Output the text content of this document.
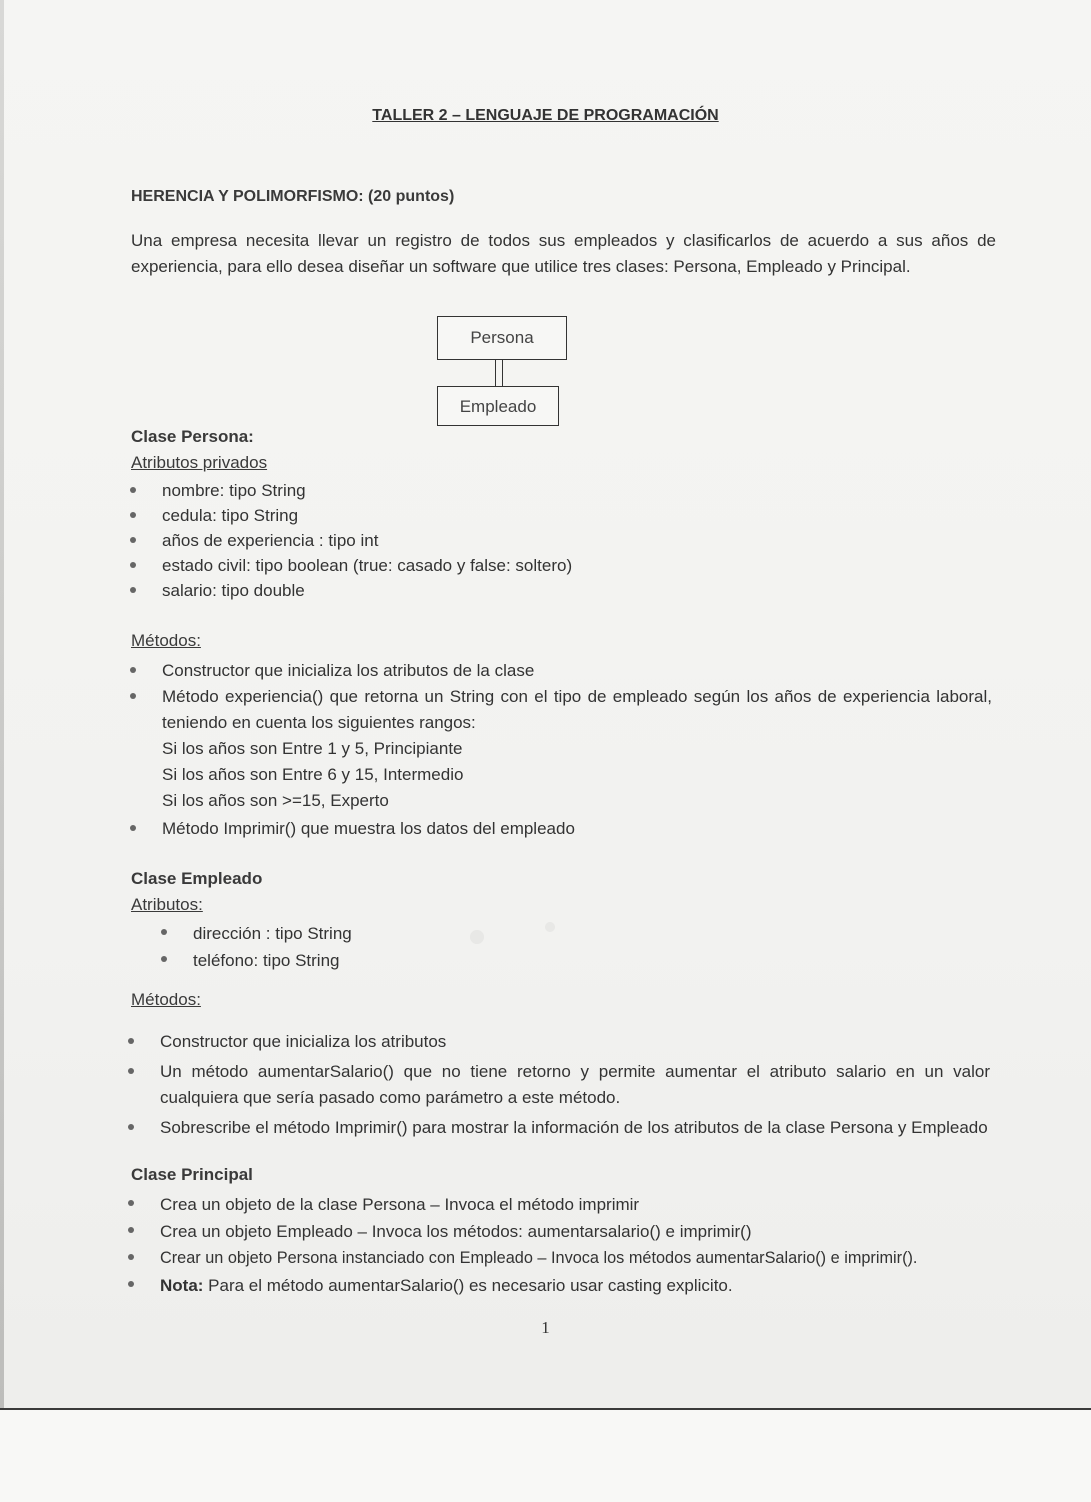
TALLER 2 – LENGUAJE DE PROGRAMACIÓN
HERENCIA Y POLIMORFISMO: (20 puntos)
Una empresa necesita llevar un registro de todos sus empleados y clasificarlos de acuerdo a sus años de experiencia, para ello desea diseñar un software que utilice tres clases: Persona, Empleado y Principal.
Persona
Empleado
Clase Persona:
Atributos privados
nombre: tipo String
cedula: tipo String
años de experiencia : tipo int
estado civil: tipo boolean (true: casado y false: soltero)
salario: tipo double
Métodos:
Constructor que inicializa los atributos de la clase
Método experiencia() que retorna un String con el tipo de empleado según los años de experiencia laboral, teniendo en cuenta los siguientes rangos:
Si los años son Entre 1 y 5, Principiante
Si los años son Entre 6 y 15, Intermedio
Si los años son >=15, Experto
Método Imprimir() que muestra los datos del empleado
Clase Empleado
Atributos:
dirección : tipo String
teléfono: tipo String
Métodos:
Constructor que inicializa los atributos
Un método aumentarSalario() que no tiene retorno y permite aumentar el atributo salario en un valor cualquiera que sería pasado como parámetro a este método.
Sobrescribe el método Imprimir() para mostrar la información de los atributos de la clase Persona y Empleado
Clase Principal
Crea un objeto de la clase Persona – Invoca el método imprimir
Crea un objeto Empleado – Invoca los métodos: aumentarsalario() e imprimir()
Crear un objeto Persona instanciado con Empleado – Invoca los métodos aumentarSalario() e imprimir().
Nota: Para el método aumentarSalario() es necesario usar casting explicito.
1
